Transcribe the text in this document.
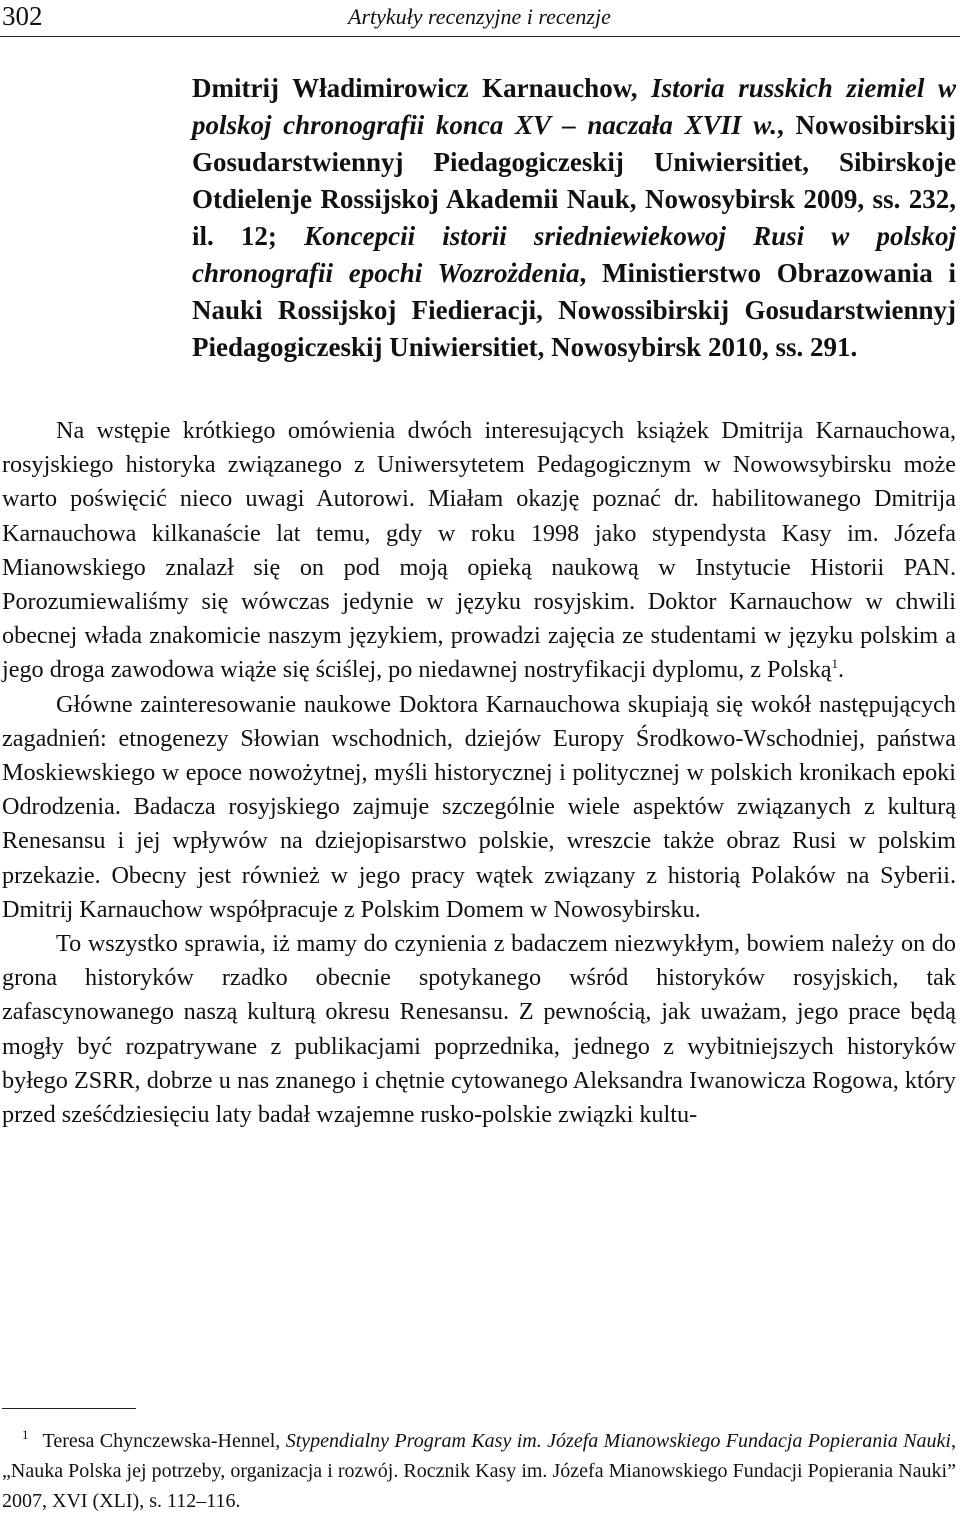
302	Artykuły recenzyjne i recenzje
Dmitrij Władimirowicz Karnauchow, Istoria russkich ziemiel w polskoj chronografii konca XV – naczała XVII w., Nowosibirskij Gosudarstwiennyj Piedagogiczeskij Uniwiersitiet, Sibirskoje Otdielenje Rossijskoj Akademii Nauk, Nowosybirsk 2009, ss. 232, il. 12; Koncepcii istorii sriedniewiekowoj Rusi w polskoj chronografii epochi Wozrożdenia, Ministierstwo Obrazowania i Nauki Rossijskoj Fiedieracji, Nowossibirskij Gosudarstwiennyj Piedagogiczeskij Uniwiersitiet, Nowosybirsk 2010, ss. 291.

Na wstępie krótkiego omówienia dwóch interesujących książek Dmitrija Karnauchowa, rosyjskiego historyka związanego z Uniwersytetem Pedagogicznym w Nowowsybirsku może warto poświęcić nieco uwagi Autorowi. Miałam okazję poznać dr. habilitowanego Dmitrija Karnauchowa kilkanaście lat temu, gdy w roku 1998 jako stypendysta Kasy im. Józefa Mianowskiego znalazł się on pod moją opieką naukową w Instytucie Historii PAN. Porozumiewaliśmy się wówczas jedynie w języku rosyjskim. Doktor Karnauchow w chwili obecnej włada znakomicie naszym językiem, prowadzi zajęcia ze studentami w języku polskim a jego droga zawodowa wiąże się ściślej, po niedawnej nostryfikacji dyplomu, z Polską$^1$.

Główne zainteresowanie naukowe Doktora Karnauchowa skupiają się wokół następujących zagadnień: etnogenezy Słowian wschodnich, dziejów Europy Środkowo-Wschodniej, państwa Moskiewskiego w epoce nowożytnej, myśli historycznej i politycznej w polskich kronikach epoki Odrodzenia. Badacza rosyjskiego zajmuje szczególnie wiele aspektów związanych z kulturą Renesansu i jej wpływów na dziejopisarstwo polskie, wreszcie także obraz Rusi w polskim przekazie. Obecny jest również w jego pracy wątek związany z historią Polaków na Syberii. Dmitrij Karnauchow współpracuje z Polskim Domem w Nowosybirsku.

To wszystko sprawia, iż mamy do czynienia z badaczem niezwykłym, bowiem należy on do grona historyków rzadko obecnie spotykanego wśród historyków rosyjskich, tak zafascynowanego naszą kulturą okresu Renesansu. Z pewnością, jak uważam, jego prace będą mogły być rozpatrywane z publikacjami poprzednika, jednego z wybitniejszych historyków byłego ZSRR, dobrze u nas znanego i chętnie cytowanego Aleksandra Iwanowicza Rogowa, który przed sześćdziesięciu laty badał wzajemne rusko-polskie związki kultu-

$^1$ Teresa Chynczewska-Hennel, Stypendialny Program Kasy im. Józefa Mianowskiego Fundacja Popierania Nauki, „Nauka Polska jej potrzeby, organizacja i rozwój. Rocznik Kasy im. Józefa Mianowskiego Fundacji Popierania Nauki” 2007, XVI (XLI), s. 112–116.
